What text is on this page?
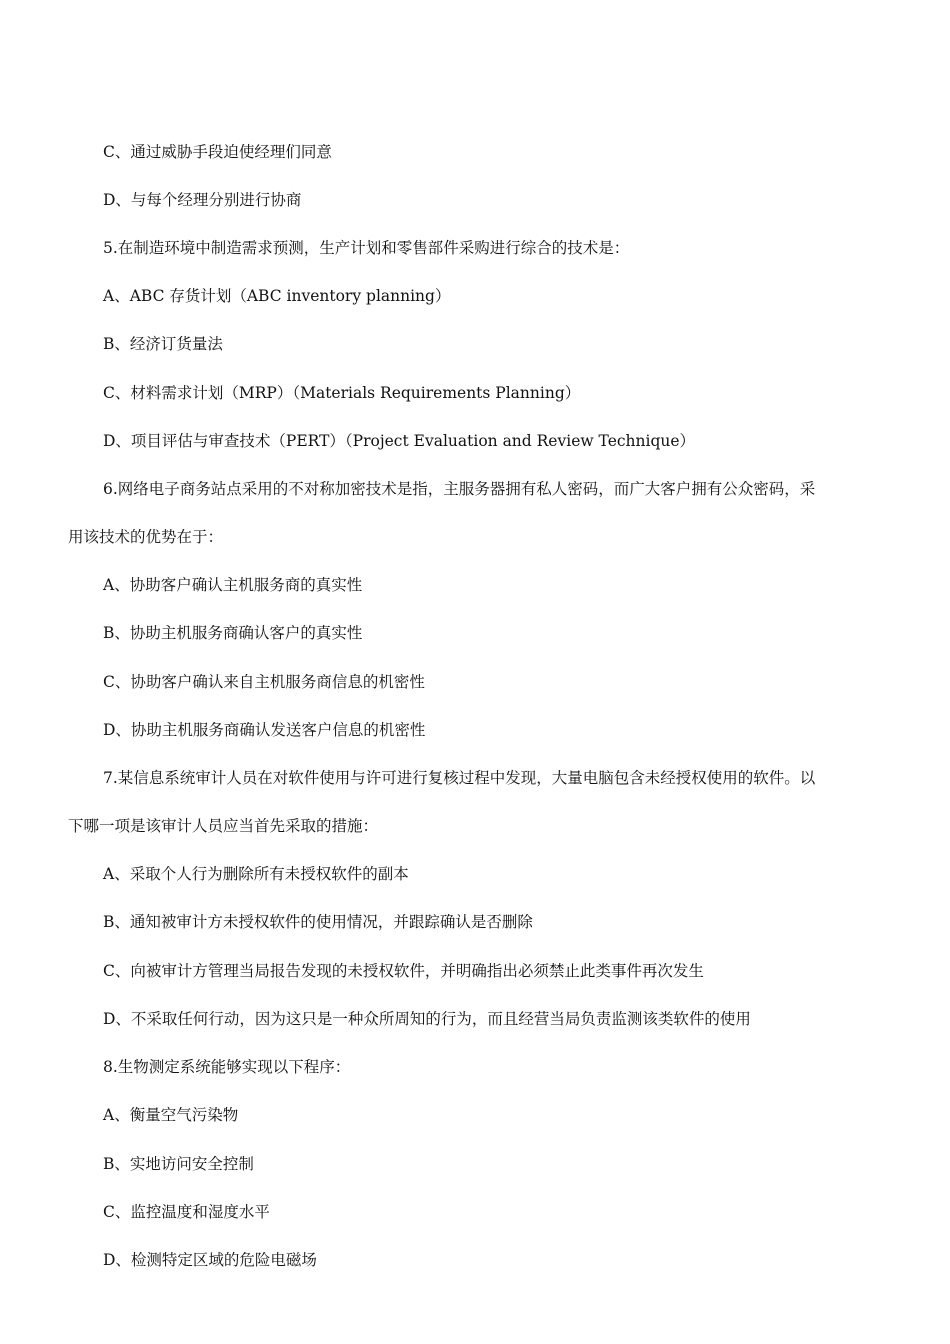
C、通过威胁手段迫使经理们同意
D、与每个经理分别进行协商
5.在制造环境中制造需求预测，生产计划和零售部件采购进行综合的技术是：
A、ABC 存货计划（ABC inventory planning）
B、经济订货量法
C、材料需求计划（MRP）（Materials Requirements Planning）
D、项目评估与审查技术（PERT）（Project Evaluation and Review Technique）
6.网络电子商务站点采用的不对称加密技术是指，主服务器拥有私人密码，而广大客户拥有公众密码，采
用该技术的优势在于：
A、协助客户确认主机服务商的真实性
B、协助主机服务商确认客户的真实性
C、协助客户确认来自主机服务商信息的机密性
D、协助主机服务商确认发送客户信息的机密性
7.某信息系统审计人员在对软件使用与许可进行复核过程中发现，大量电脑包含未经授权使用的软件。以
下哪一项是该审计人员应当首先采取的措施：
A、采取个人行为删除所有未授权软件的副本
B、通知被审计方未授权软件的使用情况，并跟踪确认是否删除
C、向被审计方管理当局报告发现的未授权软件，并明确指出必须禁止此类事件再次发生
D、不采取任何行动，因为这只是一种众所周知的行为，而且经营当局负责监测该类软件的使用
8.生物测定系统能够实现以下程序：
A、衡量空气污染物
B、实地访问安全控制
C、监控温度和湿度水平
D、检测特定区域的危险电磁场
